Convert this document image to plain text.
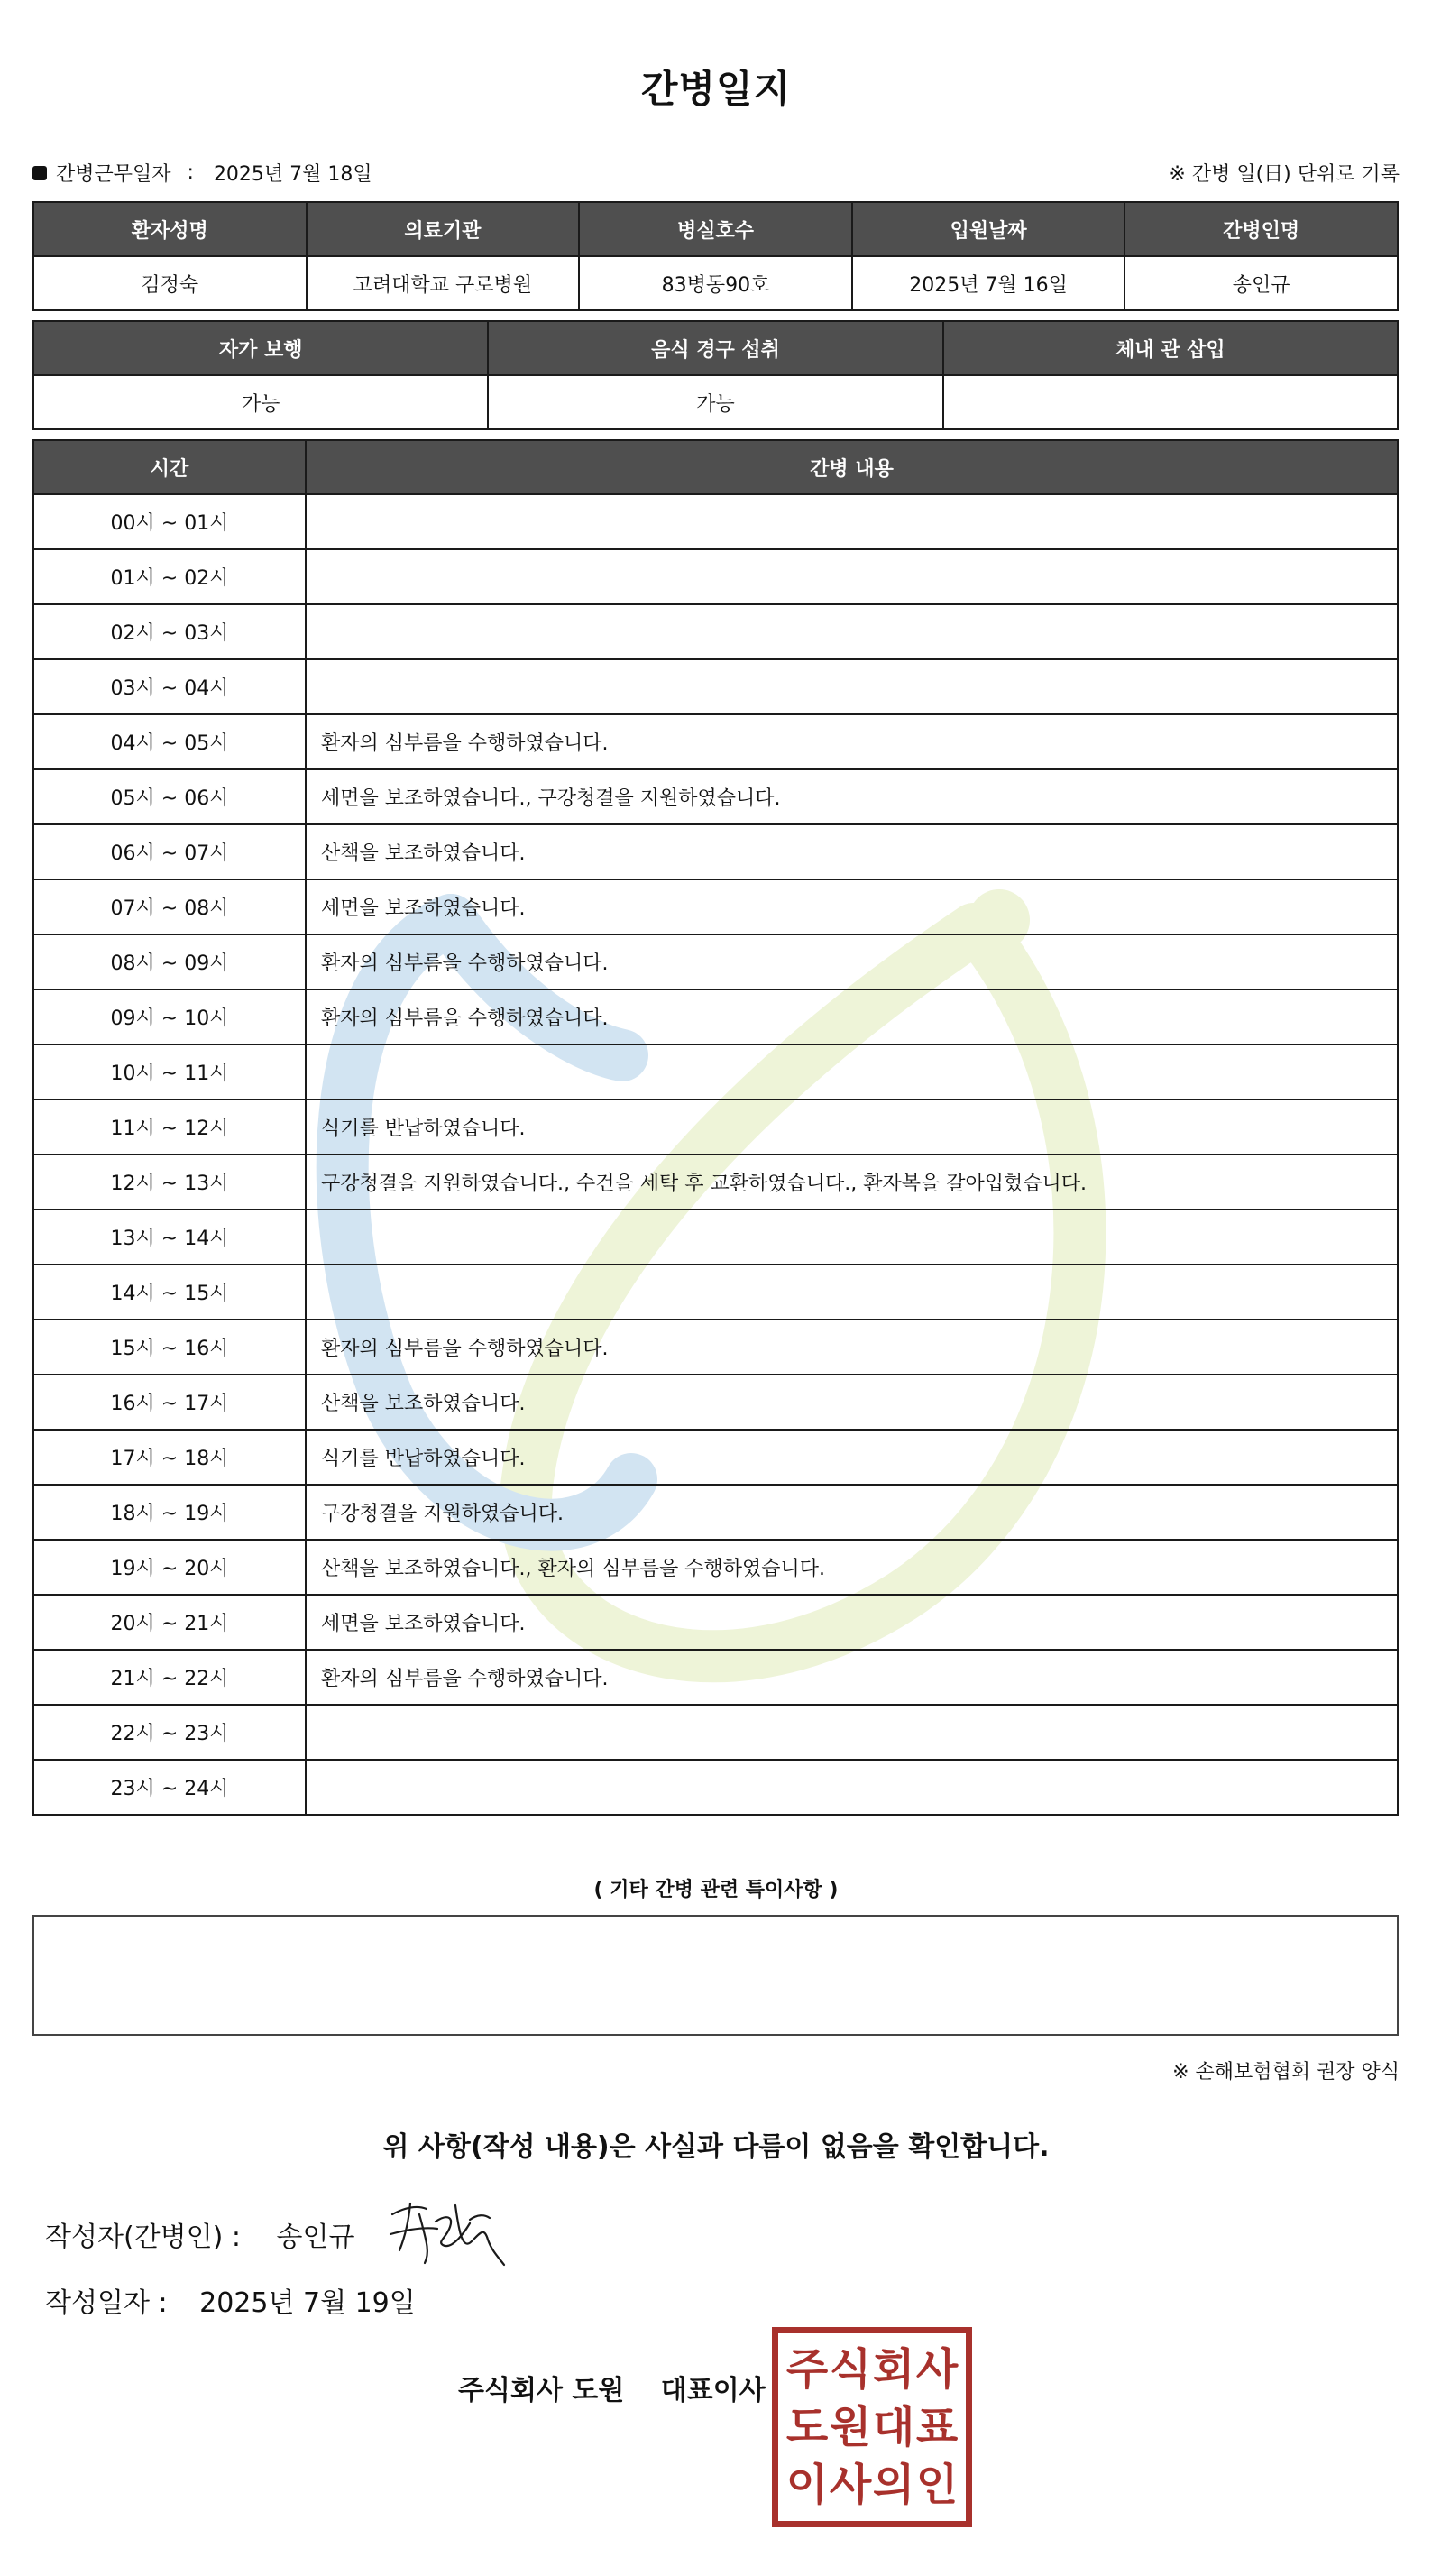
간병일지
간병근무일자 : 2025년 7월 18일	※ 간병 일(日) 단위로 기록
환자성명	의료기관	병실호수	입원날짜	간병인명
김정숙	고려대학교 구로병원	83병동90호	2025년 7월 16일	송인규
자가 보행	음식 경구 섭취	체내 관 삽입
가능	가능	
시간	간병 내용
00시 ~ 01시	
01시 ~ 02시	
02시 ~ 03시	
03시 ~ 04시	
04시 ~ 05시	환자의 심부름을 수행하였습니다.
05시 ~ 06시	세면을 보조하였습니다., 구강청결을 지원하였습니다.
06시 ~ 07시	산책을 보조하였습니다.
07시 ~ 08시	세면을 보조하였습니다.
08시 ~ 09시	환자의 심부름을 수행하였습니다.
09시 ~ 10시	환자의 심부름을 수행하였습니다.
10시 ~ 11시	
11시 ~ 12시	식기를 반납하였습니다.
12시 ~ 13시	구강청결을 지원하였습니다., 수건을 세탁 후 교환하였습니다., 환자복을 갈아입혔습니다.
13시 ~ 14시	
14시 ~ 15시	
15시 ~ 16시	환자의 심부름을 수행하였습니다.
16시 ~ 17시	산책을 보조하였습니다.
17시 ~ 18시	식기를 반납하였습니다.
18시 ~ 19시	구강청결을 지원하였습니다.
19시 ~ 20시	산책을 보조하였습니다., 환자의 심부름을 수행하였습니다.
20시 ~ 21시	세면을 보조하였습니다.
21시 ~ 22시	환자의 심부름을 수행하였습니다.
22시 ~ 23시	
23시 ~ 24시	
( 기타 간병 관련 특이사항 )
※ 손해보험협회 권장 양식
위 사항(작성 내용)은 사실과 다름이 없음을 확인합니다.
작성자(간병인) : 송인규
작성일자 : 2025년 7월 19일
주식회사 도원 대표이사 주 식 회 사
도 원 대 표
이 사 의 인
